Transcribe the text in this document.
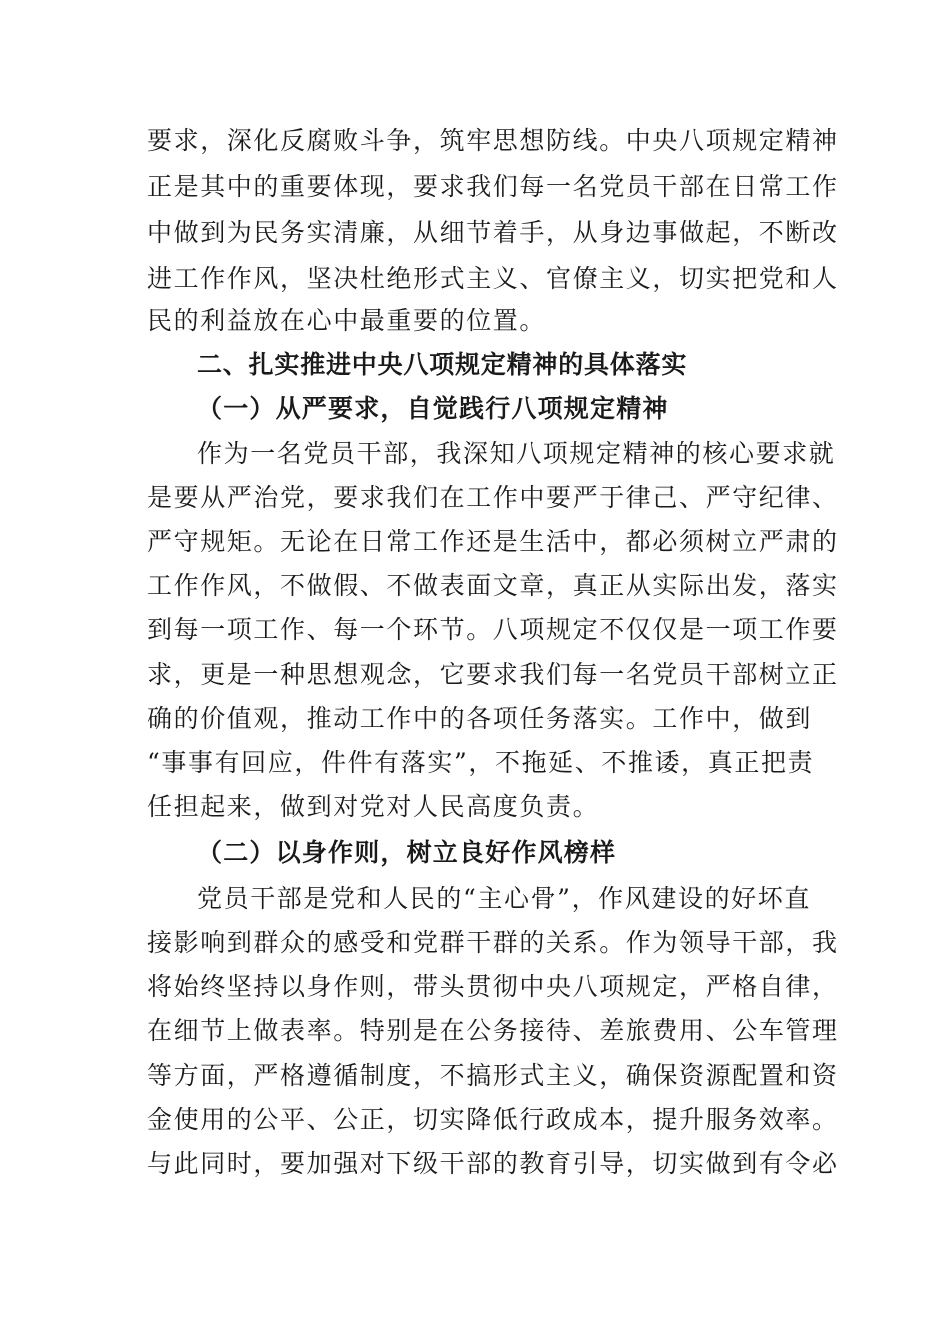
要求，深化反腐败斗争，筑牢思想防线。中央八项规定精神
正是其中的重要体现，要求我们每一名党员干部在日常工作
中做到为民务实清廉，从细节着手，从身边事做起，不断改
进工作作风，坚决杜绝形式主义、官僚主义，切实把党和人
民的利益放在心中最重要的位置。
二、扎实推进中央八项规定精神的具体落实
（一）从严要求，自觉践行八项规定精神
作为一名党员干部，我深知八项规定精神的核心要求就
是要从严治党，要求我们在工作中要严于律己、严守纪律、
严守规矩。无论在日常工作还是生活中，都必须树立严肃的
工作作风，不做假、不做表面文章，真正从实际出发，落实
到每一项工作、每一个环节。八项规定不仅仅是一项工作要
求，更是一种思想观念，它要求我们每一名党员干部树立正
确的价值观，推动工作中的各项任务落实。工作中，做到
“事事有回应，件件有落实”，不拖延、不推诿，真正把责
任担起来，做到对党对人民高度负责。
（二）以身作则，树立良好作风榜样
党员干部是党和人民的“主心骨”，作风建设的好坏直
接影响到群众的感受和党群干群的关系。作为领导干部，我
将始终坚持以身作则，带头贯彻中央八项规定，严格自律，
在细节上做表率。特别是在公务接待、差旅费用、公车管理
等方面，严格遵循制度，不搞形式主义，确保资源配置和资
金使用的公平、公正，切实降低行政成本，提升服务效率。
与此同时，要加强对下级干部的教育引导，切实做到有令必
